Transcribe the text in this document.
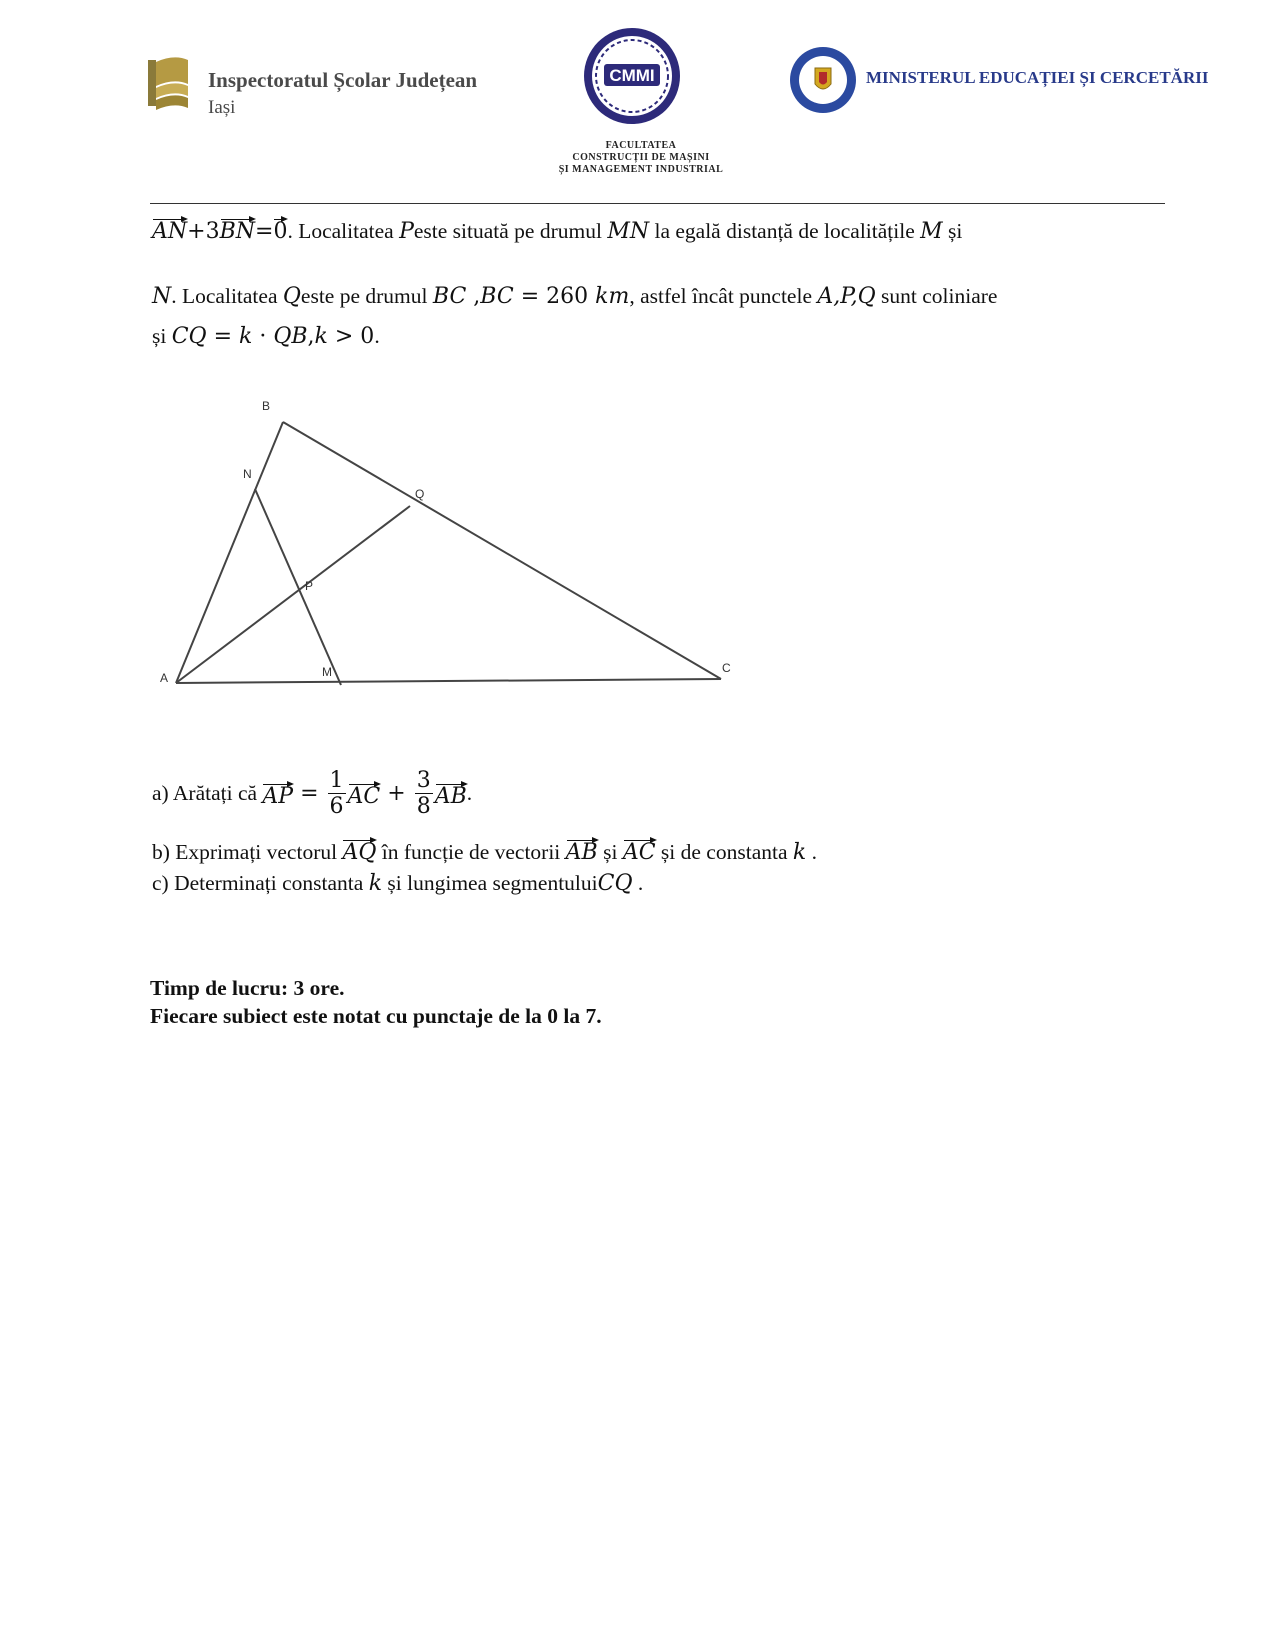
Inspectoratul Școlar Județean
Iași
CMMI
FACULTATEA
CONSTRUCȚII DE MAȘINI
ȘI MANAGEMENT INDUSTRIAL
MINISTERUL EDUCAȚIEI ȘI CERCETĂRII
AN+3BN=0. Localitatea Peste situată pe drumul MN la egală distanță de localitățile M și
N. Localitatea Qeste pe drumul BC ,BC = 260 km, astfel încât punctele A,P,Q sunt coliniare
și CQ = k · QB,k > 0.
B
N
Q
P
A	M	C
a) Arătați că AP = $\frac{1}{6}$ AC + $\frac{3}{8}$ AB.
b) Exprimați vectorul AQ în funcție de vectorii AB și AC și de constanta k .
c) Determinați constanta k și lungimea segmentuluiCQ .
Timp de lucru: 3 ore.
Fiecare subiect este notat cu punctaje de la 0 la 7.
